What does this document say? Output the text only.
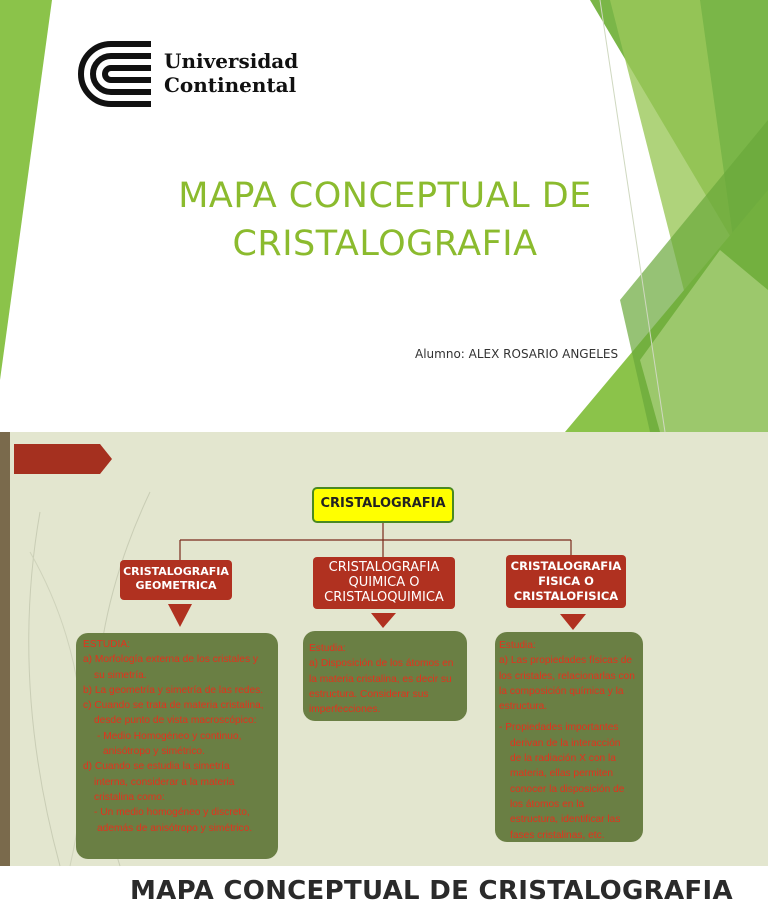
Universidad
Continental
MAPA CONCEPTUAL DE
CRISTALOGRAFIA
Alumno: ALEX ROSARIO ANGELES
MAPA CONCEPTUAL DE CRISTALOGRAFIA
CRISTALOGRAFIA
CRISTALOGRAFIA
GEOMETRICA
CRISTALOGRAFIA
QUIMICA O
CRISTALOQUIMICA
CRISTALOGRAFIA
FISICA O
CRISTALOFISICA

ESTUDIA:

a) Morfología externa de los cristales y

su simetría.

b) La geometría y simetría de las redes.

c) Cuando se trata de materia cristalina,

desde punto de vista macroscópico:

- Medio Homogéneo y continuo,

anisótropo y simétrico.

d) Cuando se estudia la simetría

interna, considerar a la materia

cristalina como:

- Un medio homogéneo y discreto,

además de anisótropo y simétrico.

Estudia:

a) Disposición de los átomos en

la materia cristalina, es decir su

estructura. Considerar sus

imperfecciones.

Estudia:

a) Las propiedades físicas de

los cristales, relacionarlas con

la composición química y la

estructura.

- Propiedades importantes

derivan de la interacción

de la radiación X con la

materia, ellas permiten

conocer la disposición de

los átomos en la

estructura, identificar las

fases cristalinas, etc.
